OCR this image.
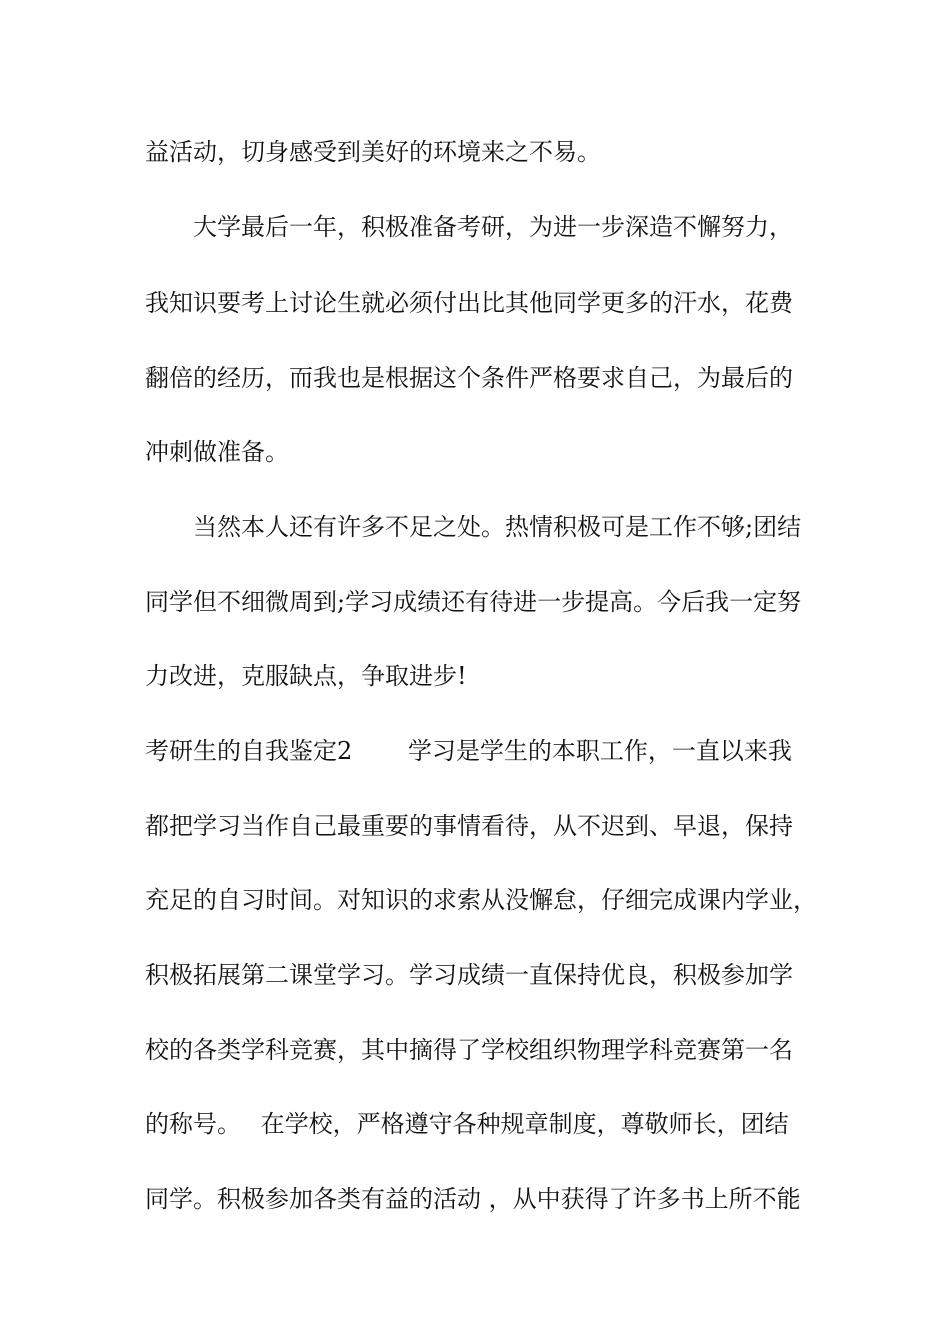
益活动，切身感受到美好的环境来之不易。
大学最后一年，积极准备考研，为进一步深造不懈努力，
我知识要考上讨论生就必须付出比其他同学更多的汗水，花费
翻倍的经历，而我也是根据这个条件严格要求自己，为最后的
冲刺做准备。
当然本人还有许多不足之处。热情积极可是工作不够;团结
同学但不细微周到;学习成绩还有待进一步提高。今后我一定努
力改进，克服缺点，争取进步!
考研生的自我鉴定2　　 学习是学生的本职工作，一直以来我
都把学习当作自己最重要的事情看待，从不迟到、早退，保持
充足的自习时间。对知识的求索从没懈怠，仔细完成课内学业，
积极拓展第二课堂学习。学习成绩一直保持优良，积极参加学
校的各类学科竞赛，其中摘得了学校组织物理学科竞赛第一名
的称号。　 在学校，严格遵守各种规章制度，尊敬师长，团结
同学。积极参加各类有益的活动 ，从中获得了许多书上所不能
